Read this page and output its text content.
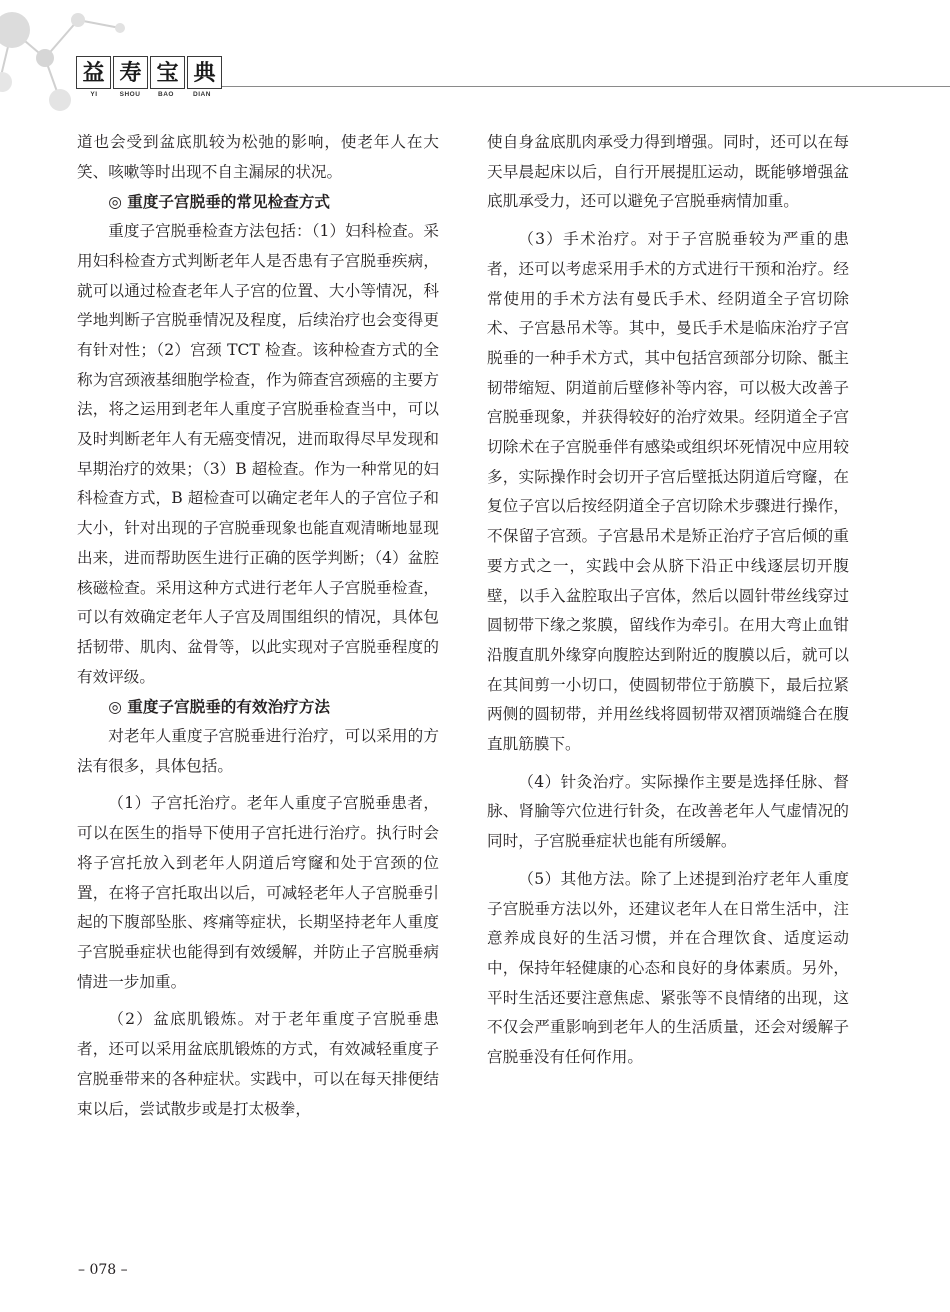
益 寿 宝 典
YI	SHOU	BAO	DIAN

道也会受到盆底肌较为松弛的影响，使老年人在大笑、咳嗽等时出现不自主漏尿的状况。

◎ 重度子宫脱垂的常见检查方式

重度子宫脱垂检查方法包括：（1）妇科检查。采用妇科检查方式判断老年人是否患有子宫脱垂疾病，就可以通过检查老年人子宫的位置、大小等情况，科学地判断子宫脱垂情况及程度，后续治疗也会变得更有针对性；（2）宫颈 TCT 检查。该种检查方式的全称为宫颈液基细胞学检查，作为筛查宫颈癌的主要方法，将之运用到老年人重度子宫脱垂检查当中，可以及时判断老年人有无癌变情况，进而取得尽早发现和早期治疗的效果；（3）B 超检查。作为一种常见的妇科检查方式，B 超检查可以确定老年人的子宫位子和大小，针对出现的子宫脱垂现象也能直观清晰地显现出来，进而帮助医生进行正确的医学判断；（4）盆腔核磁检查。采用这种方式进行老年人子宫脱垂检查，可以有效确定老年人子宫及周围组织的情况，具体包括韧带、肌肉、盆骨等，以此实现对子宫脱垂程度的有效评级。

◎ 重度子宫脱垂的有效治疗方法

对老年人重度子宫脱垂进行治疗，可以采用的方法有很多，具体包括。

（1）子宫托治疗。老年人重度子宫脱垂患者，可以在医生的指导下使用子宫托进行治疗。执行时会将子宫托放入到老年人阴道后穹窿和处于宫颈的位置，在将子宫托取出以后，可减轻老年人子宫脱垂引起的下腹部坠胀、疼痛等症状，长期坚持老年人重度子宫脱垂症状也能得到有效缓解，并防止子宫脱垂病情进一步加重。

（2）盆底肌锻炼。对于老年重度子宫脱垂患者，还可以采用盆底肌锻炼的方式，有效减轻重度子宫脱垂带来的各种症状。实践中，可以在每天排便结束以后，尝试散步或是打太极拳，

使自身盆底肌肉承受力得到增强。同时，还可以在每天早晨起床以后，自行开展提肛运动，既能够增强盆底肌承受力，还可以避免子宫脱垂病情加重。

（3）手术治疗。对于子宫脱垂较为严重的患者，还可以考虑采用手术的方式进行干预和治疗。经常使用的手术方法有曼氏手术、经阴道全子宫切除术、子宫悬吊术等。其中，曼氏手术是临床治疗子宫脱垂的一种手术方式，其中包括宫颈部分切除、骶主韧带缩短、阴道前后壁修补等内容，可以极大改善子宫脱垂现象，并获得较好的治疗效果。经阴道全子宫切除术在子宫脱垂伴有感染或组织坏死情况中应用较多，实际操作时会切开子宫后壁抵达阴道后穹窿，在复位子宫以后按经阴道全子宫切除术步骤进行操作，不保留子宫颈。子宫悬吊术是矫正治疗子宫后倾的重要方式之一，实践中会从脐下沿正中线逐层切开腹壁，以手入盆腔取出子宫体，然后以圆针带丝线穿过圆韧带下缘之浆膜，留线作为牵引。在用大弯止血钳沿腹直肌外缘穿向腹腔达到附近的腹膜以后，就可以在其间剪一小切口，使圆韧带位于筋膜下，最后拉紧两侧的圆韧带，并用丝线将圆韧带双褶顶端缝合在腹直肌筋膜下。

（4）针灸治疗。实际操作主要是选择任脉、督脉、肾腧等穴位进行针灸，在改善老年人气虚情况的同时，子宫脱垂症状也能有所缓解。

（5）其他方法。除了上述提到治疗老年人重度子宫脱垂方法以外，还建议老年人在日常生活中，注意养成良好的生活习惯，并在合理饮食、适度运动中，保持年轻健康的心态和良好的身体素质。另外，平时生活还要注意焦虑、紧张等不良情绪的出现，这不仅会严重影响到老年人的生活质量，还会对缓解子宫脱垂没有任何作用。

– 078 –
